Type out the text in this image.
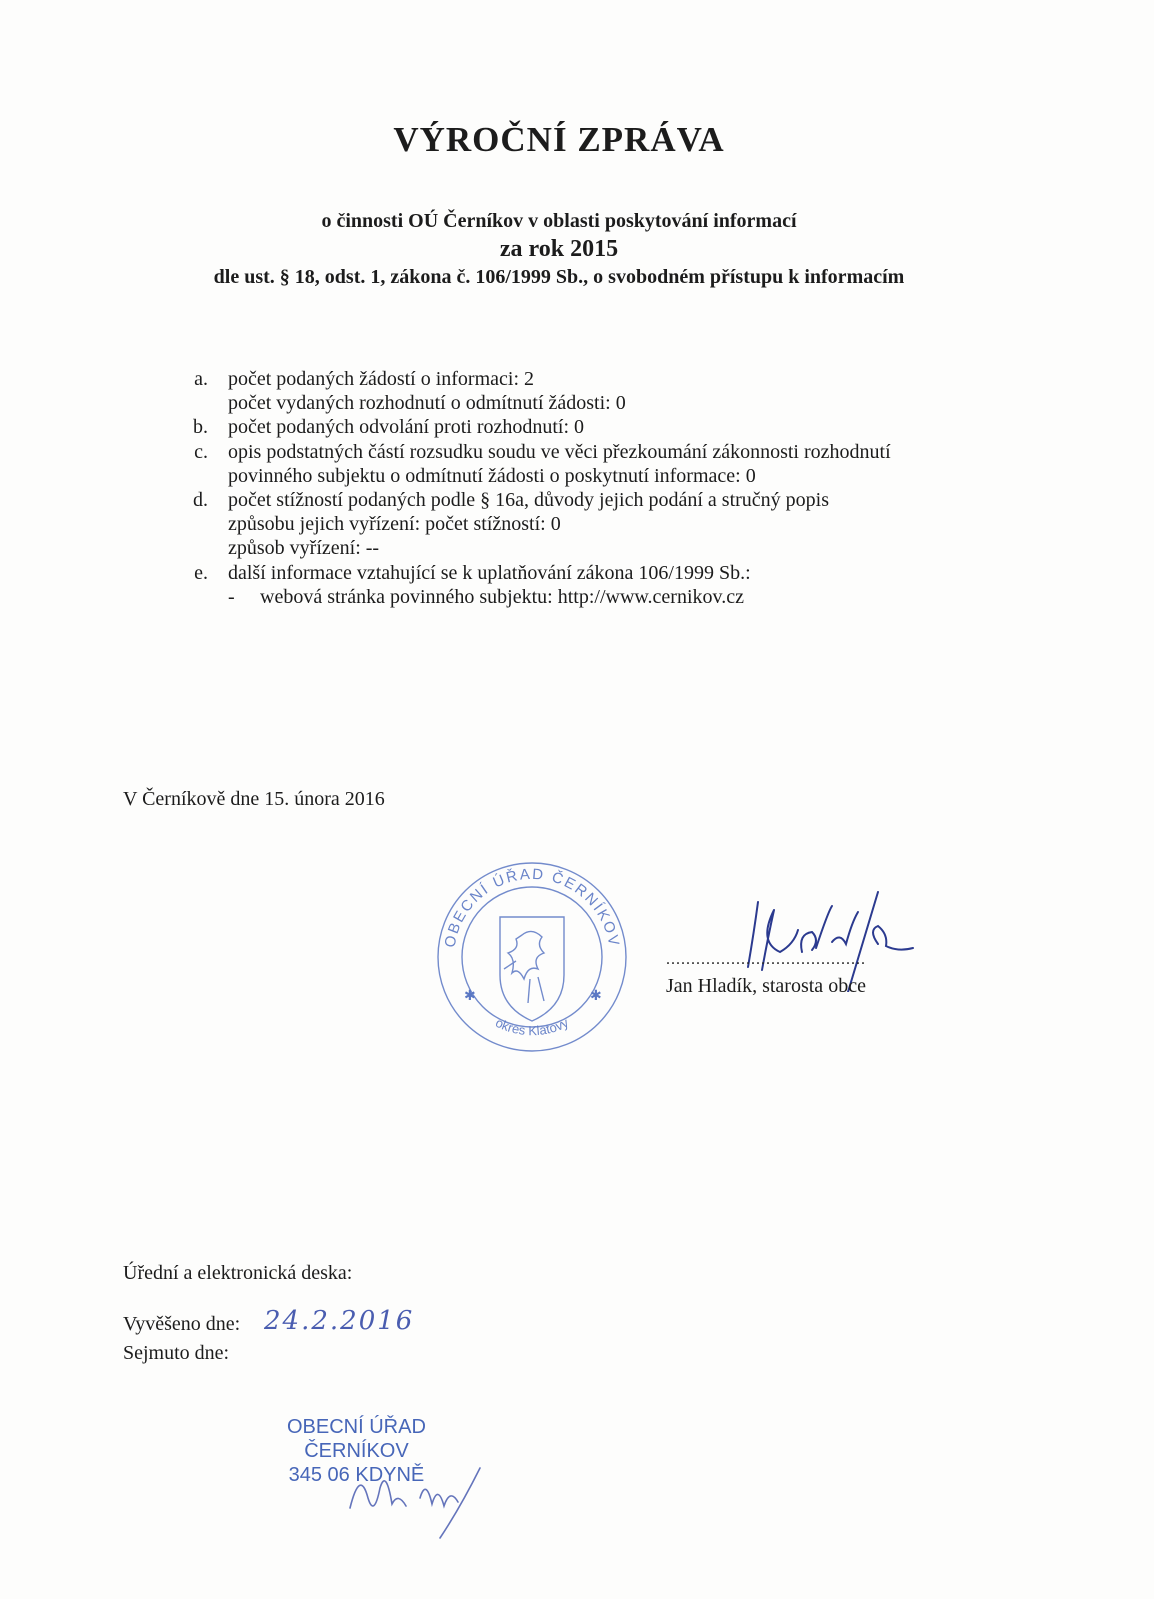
VÝROČNÍ ZPRÁVA

o činnosti OÚ Černíkov v oblasti poskytování informací

za rok 2015

dle ust. § 18, odst. 1, zákona č. 106/1999 Sb., o svobodném přístupu k informacím

a. počet podaných žádostí o informaci: 2
počet vydaných rozhodnutí o odmítnutí žádosti: 0
b. počet podaných odvolání proti rozhodnutí: 0
c. opis podstatných částí rozsudku soudu ve věci přezkoumání zákonnosti rozhodnutí
povinného subjektu o odmítnutí žádosti o poskytnutí informace: 0
d. počet stížností podaných podle § 16a, důvody jejich podání a stručný popis
způsobu jejich vyřízení: počet stížností: 0
způsob vyřízení: --
e. další informace vztahující se k uplatňování zákona 106/1999 Sb.:
- webová stránka povinného subjektu: http://www.cernikov.cz
V Černíkově dne 15. února 2016
OBECNÍ ÚŘAD ČERNÍKOV
okres Klatovy
✱	✱
........................................
Jan Hladík, starosta obce
Úřední a elektronická deska:
Vyvěšeno dne: 24.2.2016
Sejmuto dne:
OBECNÍ ÚŘAD
ČERNÍKOV
345 06 KDYNĚ
